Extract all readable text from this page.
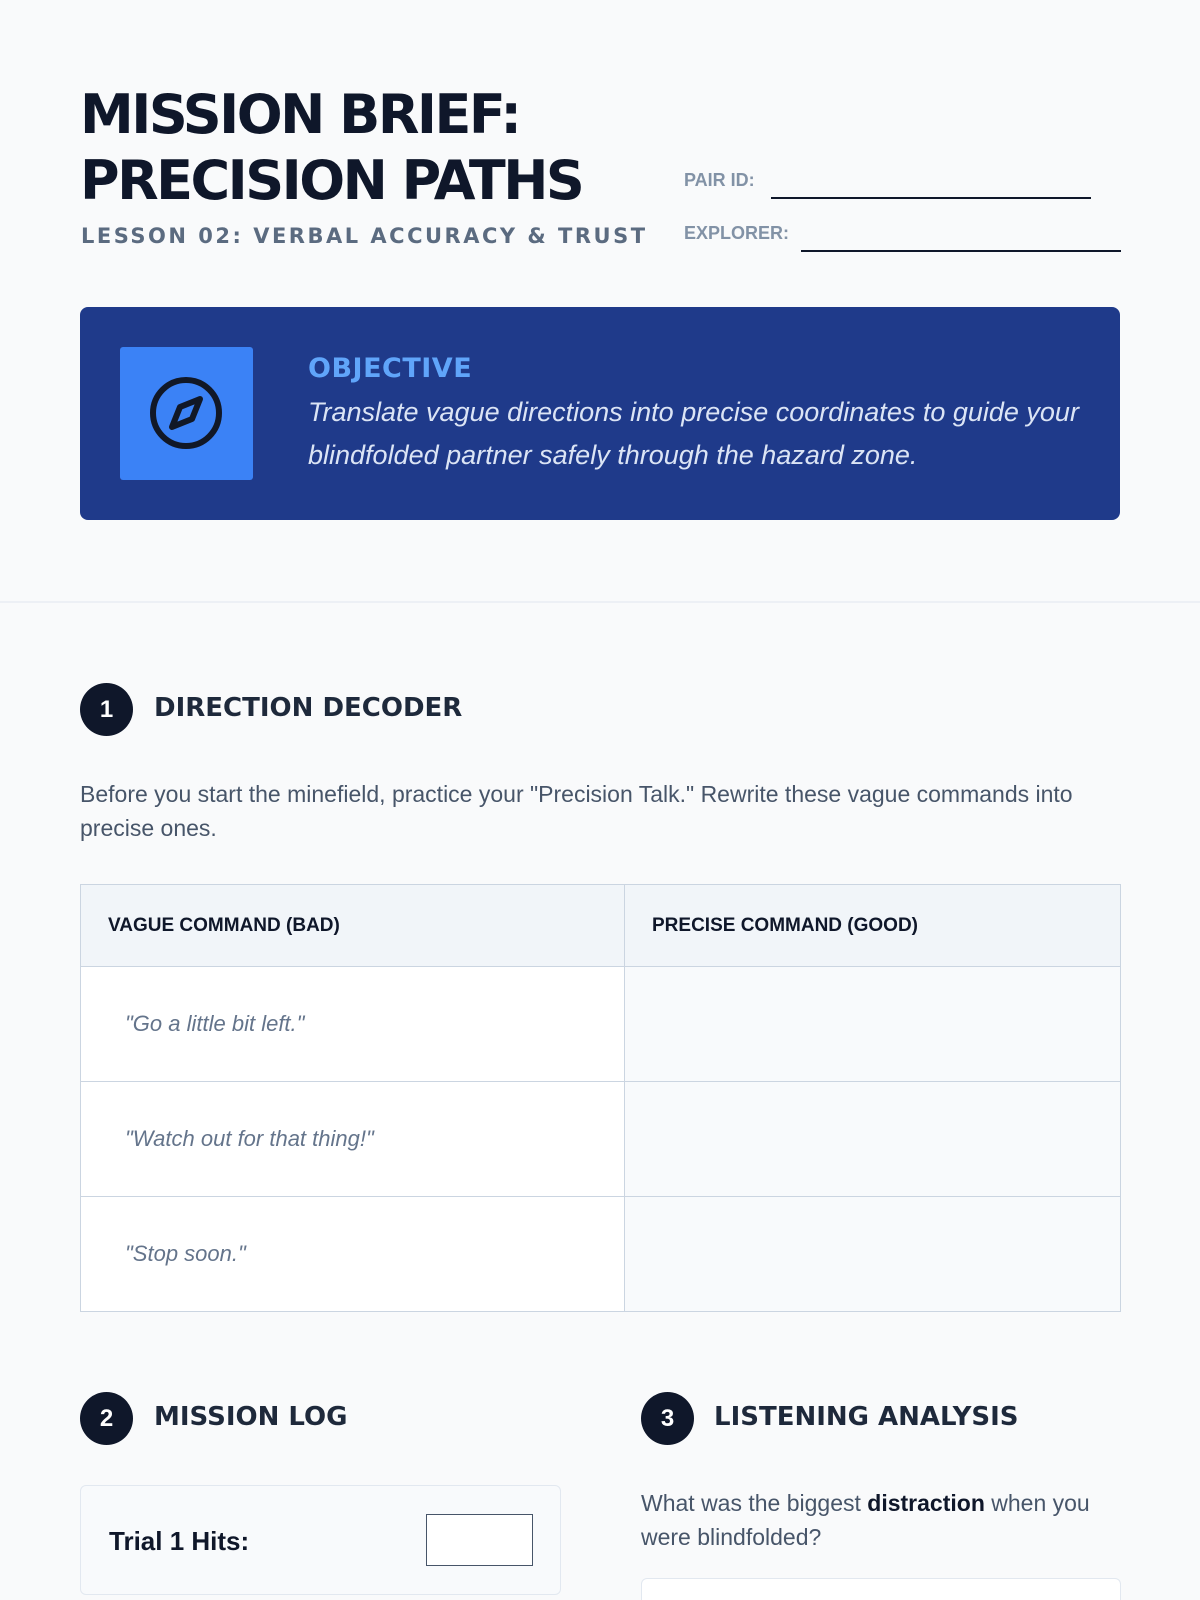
MISSION BRIEF:
PRECISION PATHS
LESSON 02: VERBAL ACCURACY & TRUST
PAIR ID:
EXPLORER:
OBJECTIVE
Translate vague directions into precise coordinates to guide your blindfolded partner safely through the hazard zone.
1	DIRECTION DECODER
Before you start the minefield, practice your "Precision Talk." Rewrite these vague commands into precise ones.
VAGUE COMMAND (BAD)	PRECISE COMMAND (GOOD)
"Go a little bit left."	
"Watch out for that thing!"	
"Stop soon."	
2	MISSION LOG
Trial 1 Hits:
3	LISTENING ANALYSIS
What was the biggest distraction when you were blindfolded?
